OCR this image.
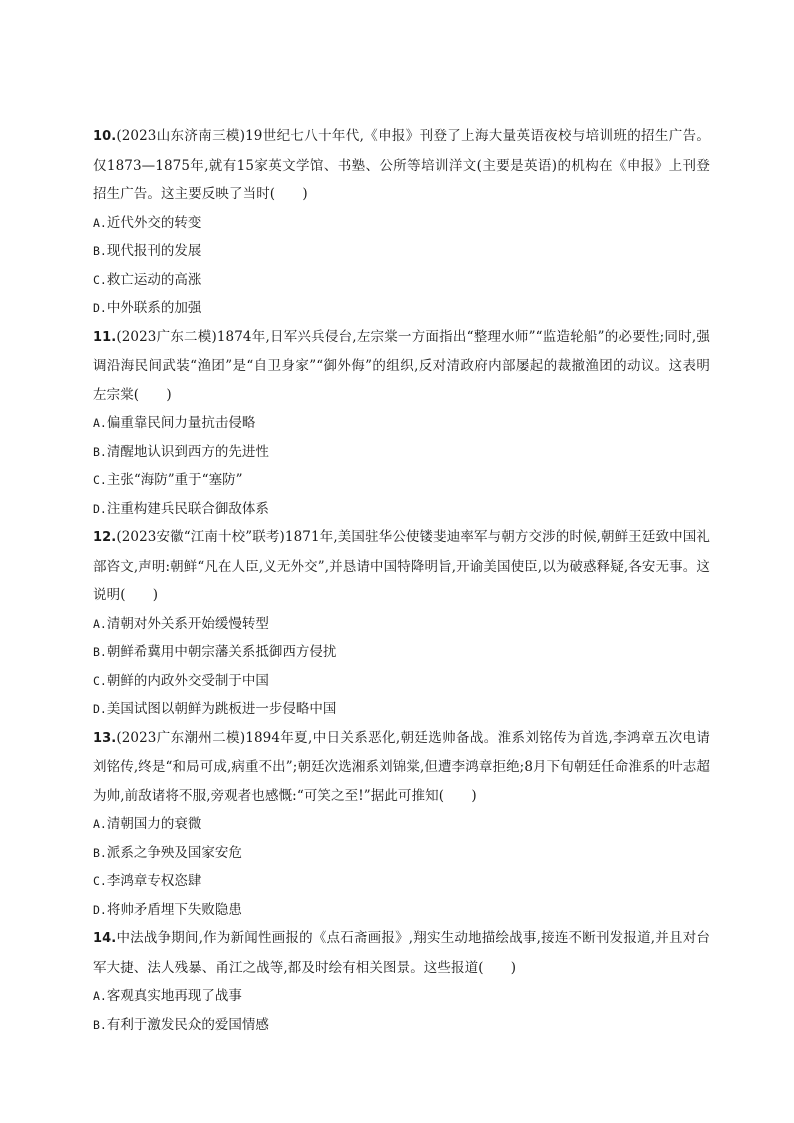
10.(2023山东济南三模)19世纪七八十年代,《申报》刊登了上海大量英语夜校与培训班的招生广告。仅1873—1875年,就有15家英文学馆、书塾、公所等培训洋文(主要是英语)的机构在《申报》上刊登招生广告。这主要反映了当时(　　)

A.近代外交的转变
B.现代报刊的发展
C.救亡运动的高涨
D.中外联系的加强

11.(2023广东二模)1874年,日军兴兵侵台,左宗棠一方面指出“整理水师”“监造轮船”的必要性;同时,强调沿海民间武装“渔团”是“自卫身家”“御外侮”的组织,反对清政府内部屡起的裁撤渔团的动议。这表明左宗棠(　　)

A.偏重靠民间力量抗击侵略
B.清醒地认识到西方的先进性
C.主张“海防”重于“塞防”
D.注重构建兵民联合御敌体系

12.(2023安徽“江南十校”联考)1871年,美国驻华公使镂斐迪率军与朝方交涉的时候,朝鲜王廷致中国礼部咨文,声明:朝鲜“凡在人臣,义无外交”,并恳请中国特降明旨,开谕美国使臣,以为破惑释疑,各安无事。这说明(　　)

A.清朝对外关系开始缓慢转型
B.朝鲜希冀用中朝宗藩关系抵御西方侵扰
C.朝鲜的内政外交受制于中国
D.美国试图以朝鲜为跳板进一步侵略中国

13.(2023广东潮州二模)1894年夏,中日关系恶化,朝廷选帅备战。淮系刘铭传为首选,李鸿章五次电请刘铭传,终是“和局可成,病重不出”;朝廷次选湘系刘锦棠,但遭李鸿章拒绝;8月下旬朝廷任命淮系的叶志超为帅,前敌诸将不服,旁观者也感慨:“可笑之至!”据此可推知(　　)

A.清朝国力的衰微
B.派系之争殃及国家安危
C.李鸿章专权恣肆
D.将帅矛盾埋下失败隐患

14.中法战争期间,作为新闻性画报的《点石斋画报》,翔实生动地描绘战事,接连不断刊发报道,并且对台军大捷、法人残暴、甬江之战等,都及时绘有相关图景。这些报道(　　)

A.客观真实地再现了战事
B.有利于激发民众的爱国情感
